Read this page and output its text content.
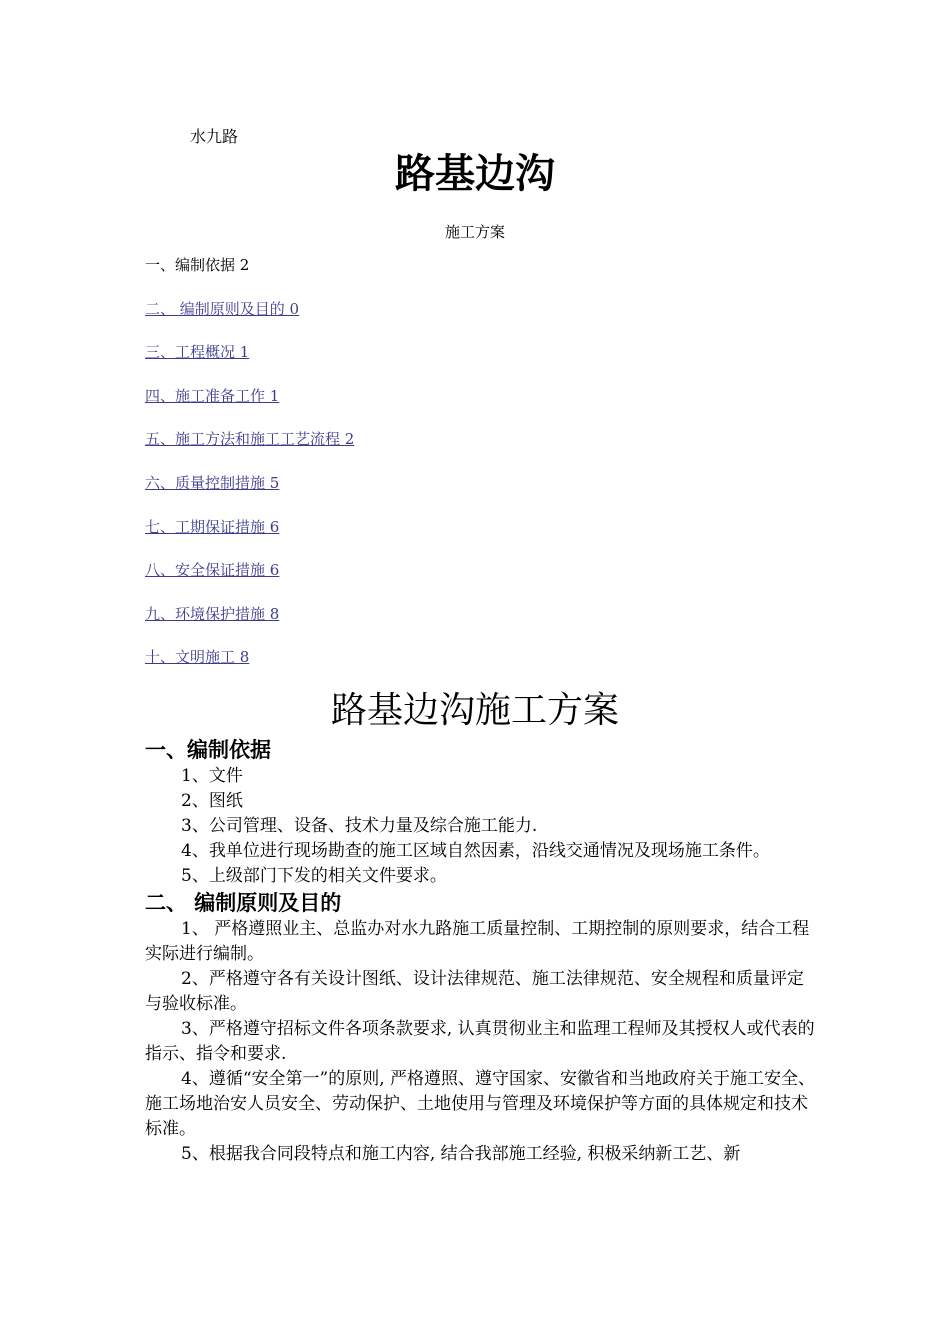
水九路
路基边沟
施工方案
一、编制依据 2
二、 编制原则及目的 0
三、工程概况 1
四、施工准备工作 1
五、施工方法和施工工艺流程 2
六、质量控制措施 5
七、工期保证措施 6
八、安全保证措施 6
九、环境保护措施 8
十、文明施工 8
路基边沟施工方案
一、编制依据

1、文件

2、图纸

3、公司管理、设备、技术力量及综合施工能力.

4、我单位进行现场勘查的施工区域自然因素，沿线交通情况及现场施工条件。

5、上级部门下发的相关文件要求。

二、 编制原则及目的

1、 严格遵照业主、总监办对水九路施工质量控制、工期控制的原则要求，结合工程实际进行编制。

2、严格遵守各有关设计图纸、设计法律规范、施工法律规范、安全规程和质量评定与验收标准。

3、严格遵守招标文件各项条款要求, 认真贯彻业主和监理工程师及其授权人或代表的指示、指令和要求.

4、遵循“安全第一”的原则, 严格遵照、遵守国家、安徽省和当地政府关于施工安全、施工场地治安人员安全、劳动保护、土地使用与管理及环境保护等方面的具体规定和技术标准。

5、根据我合同段特点和施工内容, 结合我部施工经验, 积极采纳新工艺、新
